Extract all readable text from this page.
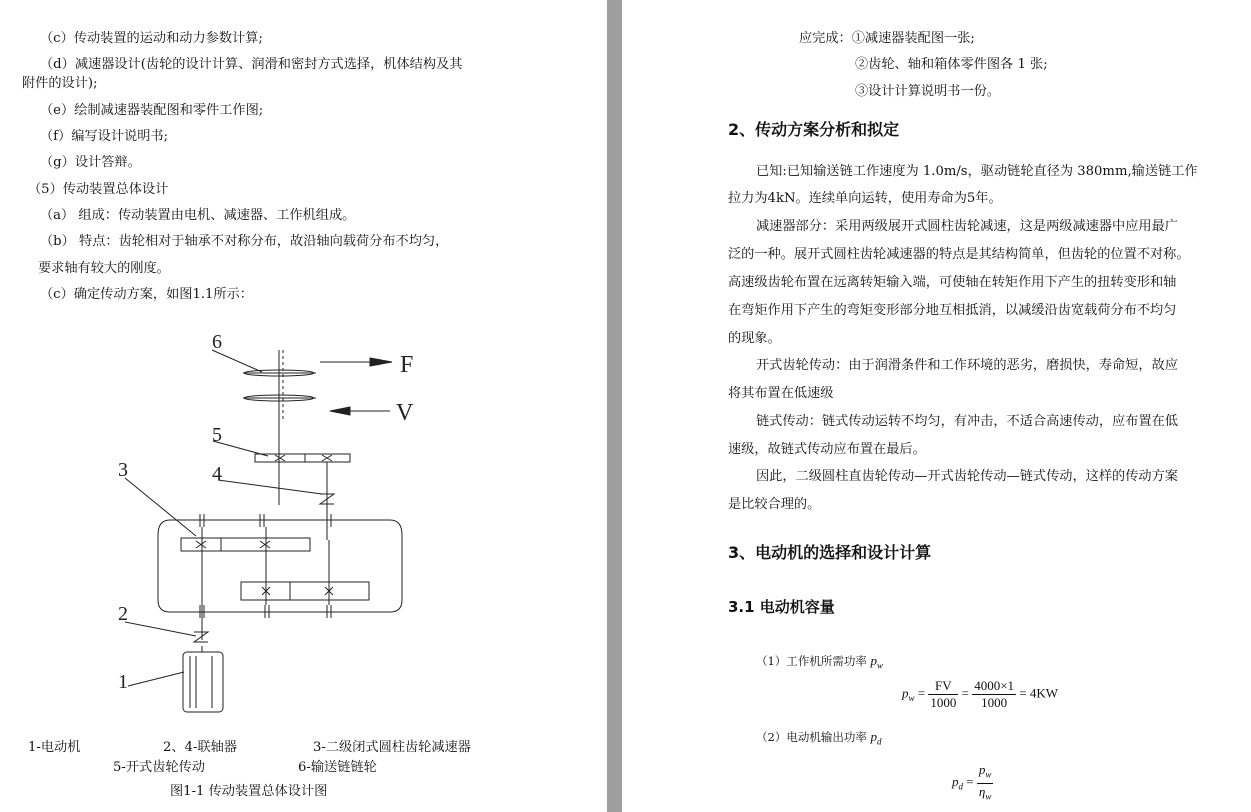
（c）传动装置的运动和动力参数计算;
（d）减速器设计(齿轮的设计计算、润滑和密封方式选择，机体结构及其
附件的设计);
（e）绘制减速器装配图和零件工作图;
（f）编写设计说明书;
（g）设计答辩。
（5）传动装置总体设计
（a） 组成：传动装置由电机、减速器、工作机组成。
（b） 特点：齿轮相对于轴承不对称分布，故沿轴向载荷分布不均匀，
要求轴有较大的刚度。
（c）确定传动方案，如图1.1所示：
6
F
V
5
4
3
2
1
1-电动机	2、4-联轴器	3-二级闭式圆柱齿轮减速器
5-开式齿轮传动	6-输送链链轮
图1-1 传动装置总体设计图
应完成：①减速器装配图一张;
②齿轮、轴和箱体零件图各 1 张;
③设计计算说明书一份。
2、传动方案分析和拟定
已知:已知输送链工作速度为 1.0m/s，驱动链轮直径为 380mm,输送链工作
拉力为4kN。连续单向运转，使用寿命为5年。
减速器部分：采用两级展开式圆柱齿轮减速，这是两级减速器中应用最广
泛的一种。展开式圆柱齿轮减速器的特点是其结构简单，但齿轮的位置不对称。
高速级齿轮布置在远离转矩输入端，可使轴在转矩作用下产生的扭转变形和轴
在弯矩作用下产生的弯矩变形部分地互相抵消，以减缓沿齿宽载荷分布不均匀
的现象。
开式齿轮传动：由于润滑条件和工作环境的恶劣，磨损快，寿命短，故应
将其布置在低速级
链式传动：链式传动运转不均匀，有冲击，不适合高速传动，应布置在低
速级，故链式传动应布置在最后。
因此，二级圆柱直齿轮传动—开式齿轮传动—链式传动，这样的传动方案
是比较合理的。
3、电动机的选择和设计计算
3.1 电动机容量
（1）工作机所需功率 $p_w$
$p_w = \frac{FV}{1000} = \frac{4000\times 1}{1000} = 4KW$
（2）电动机输出功率 $p_d$
$p_d = \frac{p_w}{\eta_w}$
